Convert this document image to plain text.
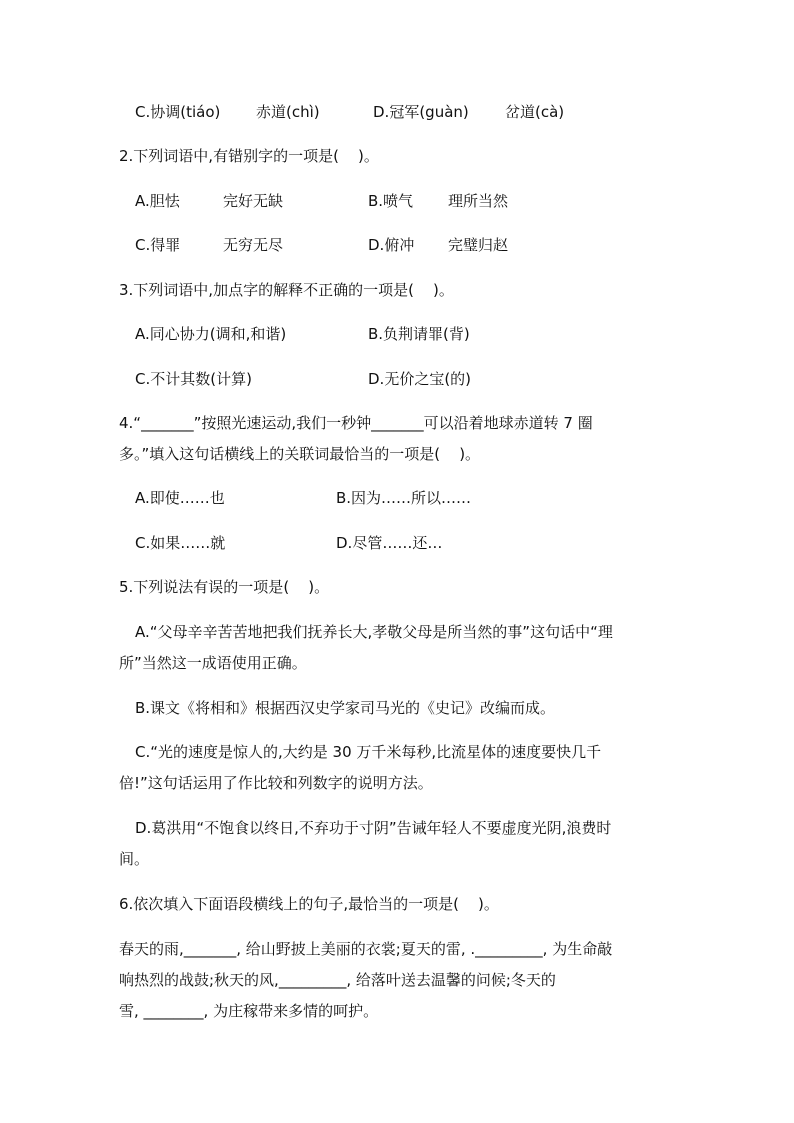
C.协调(tiáo) 赤道(chì)	D.冠军(guàn) 岔道(cà)
2.下列词语中,有错别字的一项是(    )。
A.胆怯	完好无缺	B.喷气 理所当然
C.得罪	无穷无尽	D.俯冲 完璧归赵
3.下列词语中,加点字的解释不正确的一项是(    )。
A.同心协力(调和,和谐)	B.负荆请罪(背)
C.不计其数(计算)	D.无价之宝(的)
4.“_______”按照光速运动,我们一秒钟_______可以沿着地球赤道转 7 圈
多。”填入这句话横线上的关联词最恰当的一项是(    )。
A.即使……也	B.因为……所以……
C.如果……就	D.尽管……还…
5.下列说法有误的一项是(    )。
A.“父母辛辛苦苦地把我们抚养长大,孝敬父母是所当然的事”这句话中“理
所”当然这一成语使用正确。
B.课文《将相和》根据西汉史学家司马光的《史记》改编而成。
C.“光的速度是惊人的,大约是 30 万千米每秒,比流星体的速度要快几千
倍!”这句话运用了作比较和列数字的说明方法。
D.葛洪用“不饱食以终日,不弃功于寸阴”告诫年轻人不要虚度光阴,浪费时
间。
6.依次填入下面语段横线上的句子,最恰当的一项是(    )。
春天的雨,_______, 给山野披上美丽的衣裳;夏天的雷, ._________, 为生命敲
响热烈的战鼓;秋天的风,_________, 给落叶送去温馨的问候;冬天的
雪, ________, 为庄稼带来多情的呵护。
